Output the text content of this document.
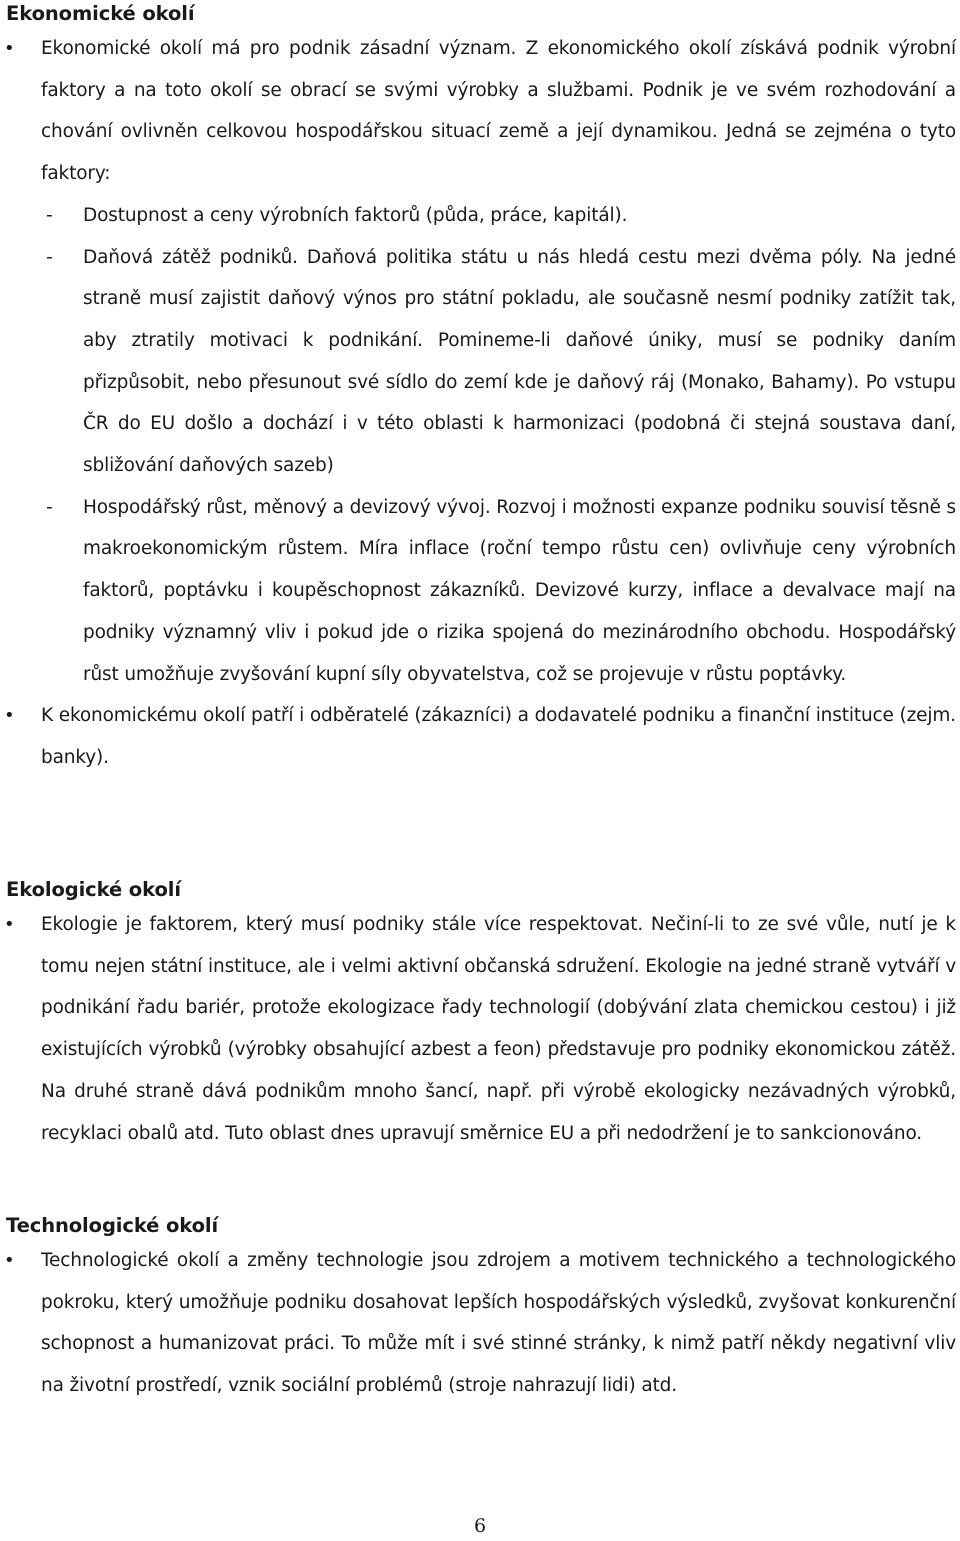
Ekonomické okolí
• Ekonomické okolí má pro podnik zásadní význam. Z ekonomického okolí získává podnik výrobní faktory a na toto okolí se obrací se svými výrobky a službami. Podnik je ve svém rozhodování a chování ovlivněn celkovou hospodářskou situací země a její dynamikou. Jedná se zejména o tyto faktory:
- Dostupnost a ceny výrobních faktorů (půda, práce, kapitál).
- Daňová zátěž podniků. Daňová politika státu u nás hledá cestu mezi dvěma póly. Na jedné straně musí zajistit daňový výnos pro státní pokladu, ale současně nesmí podniky zatížit tak, aby ztratily motivaci k podnikání. Pomineme-li daňové úniky, musí se podniky daním přizpůsobit, nebo přesunout své sídlo do zemí kde je daňový ráj (Monako, Bahamy). Po vstupu ČR do EU došlo a dochází i v této oblasti k harmonizaci (podobná či stejná soustava daní, sbližování daňových sazeb)
- Hospodářský růst, měnový a devizový vývoj. Rozvoj i možnosti expanze podniku souvisí těsně s makroekonomickým růstem. Míra inflace (roční tempo růstu cen) ovlivňuje ceny výrobních faktorů, poptávku i koupěschopnost zákazníků. Devizové kurzy, inflace a devalvace mají na podniky významný vliv i pokud jde o rizika spojená do mezinárodního obchodu. Hospodářský růst umožňuje zvyšování kupní síly obyvatelstva, což se projevuje v růstu poptávky.
• K ekonomickému okolí patří i odběratelé (zákazníci) a dodavatelé podniku a finanční instituce (zejm. banky).
Ekologické okolí
• Ekologie je faktorem, který musí podniky stále více respektovat. Nečiní-li to ze své vůle, nutí je k tomu nejen státní instituce, ale i velmi aktivní občanská sdružení. Ekologie na jedné straně vytváří v podnikání řadu bariér, protože ekologizace řady technologií (dobývání zlata chemickou cestou) i již existujících výrobků (výrobky obsahující azbest a feon) představuje pro podniky ekonomickou zátěž. Na druhé straně dává podnikům mnoho šancí, např. při výrobě ekologicky nezávadných výrobků, recyklaci obalů atd. Tuto oblast dnes upravují směrnice EU a při nedodržení je to sankcionováno.
Technologické okolí
• Technologické okolí a změny technologie jsou zdrojem a motivem technického a technologického pokroku, který umožňuje podniku dosahovat lepších hospodářských výsledků, zvyšovat konkurenční schopnost a humanizovat práci. To může mít i své stinné stránky, k nimž patří někdy negativní vliv na životní prostředí, vznik sociální problémů (stroje nahrazují lidi) atd.
6
